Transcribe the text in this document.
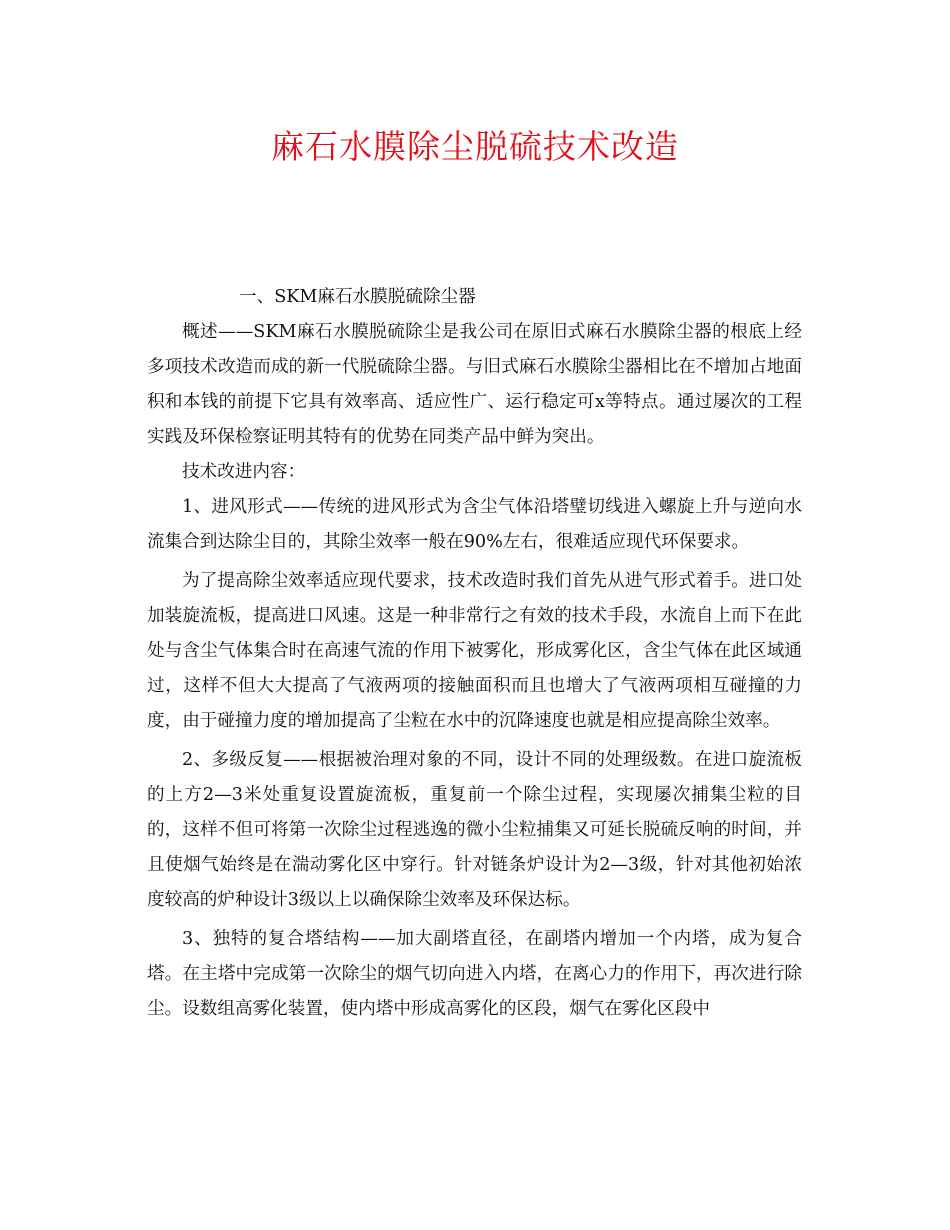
麻石水膜除尘脱硫技术改造

一、SKM麻石水膜脱硫除尘器

概述——SKM麻石水膜脱硫除尘是我公司在原旧式麻石水膜除尘器的根底上经多项技术改造而成的新一代脱硫除尘器。与旧式麻石水膜除尘器相比在不增加占地面积和本钱的前提下它具有效率高、适应性广、运行稳定可x等特点。通过屡次的工程实践及环保检察证明其特有的优势在同类产品中鲜为突出。

技术改进内容：

1、进风形式——传统的进风形式为含尘气体沿塔璧切线进入螺旋上升与逆向水流集合到达除尘目的，其除尘效率一般在90%左右，很难适应现代环保要求。

为了提高除尘效率适应现代要求，技术改造时我们首先从进气形式着手。进口处加装旋流板，提高进口风速。这是一种非常行之有效的技术手段，水流自上而下在此处与含尘气体集合时在高速气流的作用下被雾化，形成雾化区，含尘气体在此区域通过，这样不但大大提高了气液两项的接触面积而且也增大了气液两项相互碰撞的力度，由于碰撞力度的增加提高了尘粒在水中的沉降速度也就是相应提高除尘效率。

2、多级反复——根据被治理对象的不同，设计不同的处理级数。在进口旋流板的上方2—3米处重复设置旋流板，重复前一个除尘过程，实现屡次捕集尘粒的目的，这样不但可将第一次除尘过程逃逸的微小尘粒捕集又可延长脱硫反响的时间，并且使烟气始终是在湍动雾化区中穿行。针对链条炉设计为2—3级，针对其他初始浓度较高的炉种设计3级以上以确保除尘效率及环保达标。

3、独特的复合塔结构——加大副塔直径，在副塔内增加一个内塔，成为复合塔。在主塔中完成第一次除尘的烟气切向进入内塔，在离心力的作用下，再次进行除尘。设数组高雾化装置，使内塔中形成高雾化的区段，烟气在雾化区段中
